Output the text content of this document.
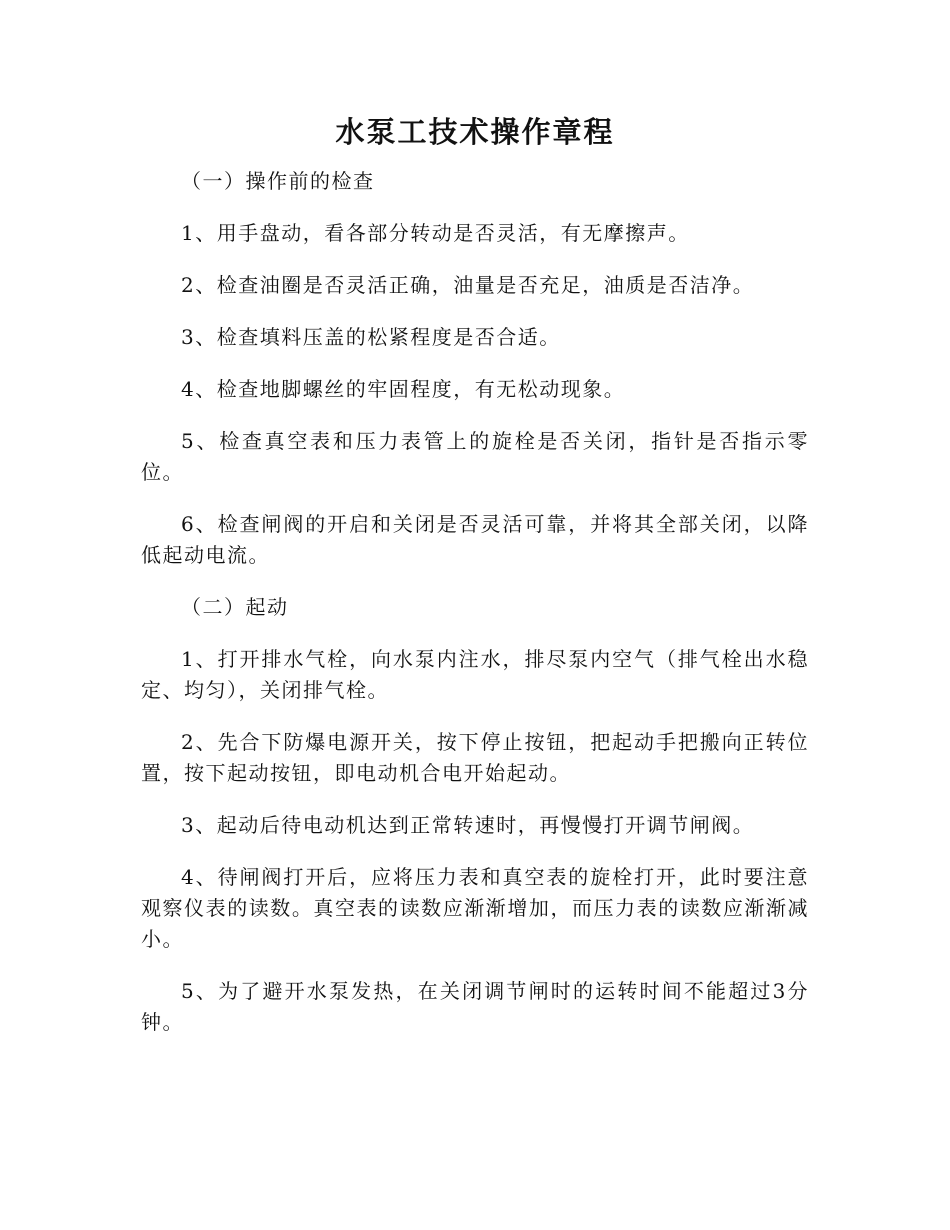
水泵工技术操作章程
（一）操作前的检查
1、用手盘动，看各部分转动是否灵活，有无摩擦声。
2、检查油圈是否灵活正确，油量是否充足，油质是否洁净。
3、检查填料压盖的松紧程度是否合适。
4、检查地脚螺丝的牢固程度，有无松动现象。
5、检查真空表和压力表管上的旋栓是否关闭，指针是否指示零位。
6、检查闸阀的开启和关闭是否灵活可靠，并将其全部关闭，以降低起动电流。
（二）起动
1、打开排水气栓，向水泵内注水，排尽泵内空气（排气栓出水稳定、均匀），关闭排气栓。
2、先合下防爆电源开关，按下停止按钮，把起动手把搬向正转位置，按下起动按钮，即电动机合电开始起动。
3、起动后待电动机达到正常转速时，再慢慢打开调节闸阀。
4、待闸阀打开后，应将压力表和真空表的旋栓打开，此时要注意观察仪表的读数。真空表的读数应渐渐增加，而压力表的读数应渐渐减小。
5、为了避开水泵发热，在关闭调节闸时的运转时间不能超过3分钟。
